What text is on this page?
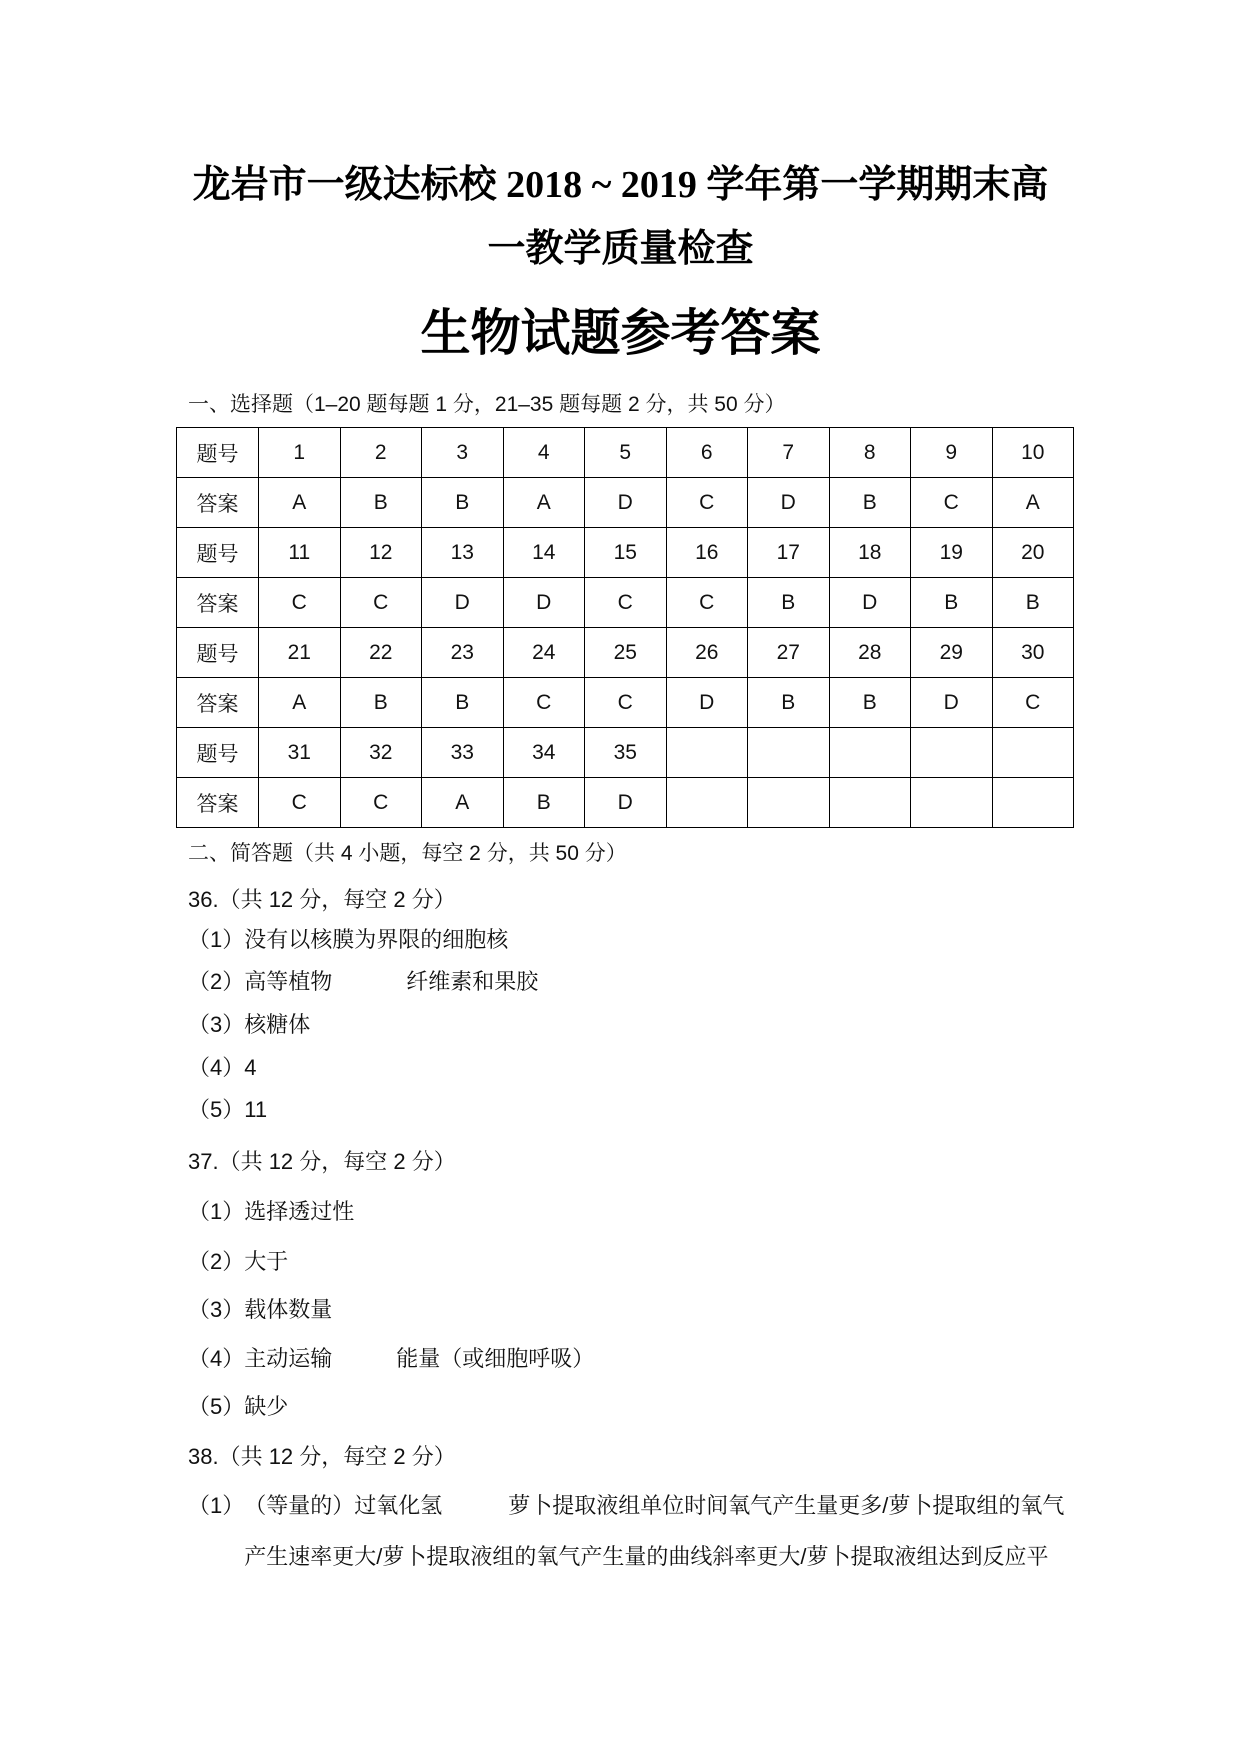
龙岩市一级达标校 2018 ~ 2019 学年第一学期期末高
一教学质量检查
生物试题参考答案
一、选择题（1–20 题每题 1 分，21–35 题每题 2 分，共 50 分）
题号	1	2	3	4	5	6	7	8	9	10
答案	A	B	B	A	D	C	D	B	C	A
题号	11	12	13	14	15	16	17	18	19	20
答案	C	C	D	D	C	C	B	D	B	B
题号	21	22	23	24	25	26	27	28	29	30
答案	A	B	B	C	C	D	B	B	D	C
题号	31	32	33	34	35					
答案	C	C	A	B	D					
二、简答题（共 4 小题，每空 2 分，共 50 分）
36.（共 12 分，每空 2 分）
（1） 没有以核膜为界限的细胞核
（2） 高等植物	纤维素和果胶
（3） 核糖体
（4） 4
（5） 11
37.（共 12 分，每空 2 分）
（1） 选择透过性
（2） 大于
（3） 载体数量
（4） 主动运输	能量（或细胞呼吸）
（5） 缺少
38.（共 12 分，每空 2 分）
（1） （等量的）过氧化氢	萝卜提取液组单位时间氧气产生量更多/萝卜提取组的氧气产生速率更大/萝卜提取液组的氧气产生量的曲线斜率更大/萝卜提取液组达到反应平
